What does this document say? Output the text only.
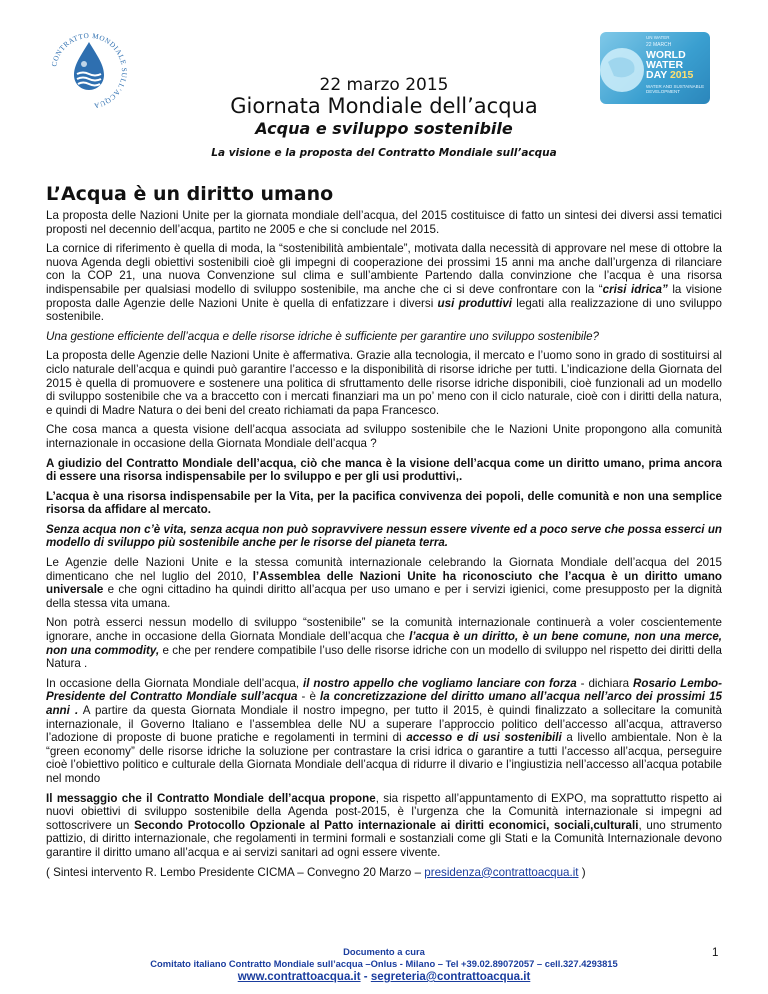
CONTRATTO MONDIALE SULL'ACQUA
UN WATER
22 MARCH
WORLD
WATER
DAY 2015
WATER AND SUSTAINABLE DEVELOPMENT
22 marzo 2015
Giornata Mondiale dell’acqua
Acqua e sviluppo sostenibile
La visione e la proposta del Contratto Mondiale sull’acqua
L’Acqua è un diritto umano

La proposta delle Nazioni Unite per la giornata mondiale dell’acqua, del 2015 costituisce di fatto un sintesi dei diversi assi tematici proposti nel decennio dell’acqua, partito ne 2005 e che si conclude nel 2015.

La cornice di riferimento è quella di moda, la “sostenibilità ambientale”, motivata dalla necessità di approvare nel mese di ottobre la nuova Agenda degli obiettivi sostenibili cioè gli impegni di cooperazione dei prossimi 15 anni ma anche dall’urgenza di rilanciare con la COP 21, una nuova Convenzione sul clima e sull’ambiente Partendo dalla convinzione che l’acqua è una risorsa indispensabile per qualsiasi modello di sviluppo sostenibile, ma anche che ci si deve confrontare con la “crisi idrica” la visione proposta dalle Agenzie delle Nazioni Unite è quella di enfatizzare i diversi usi produttivi legati alla realizzazione di uno sviluppo sostenibile.

Una gestione efficiente dell’acqua e delle risorse idriche è sufficiente per garantire uno sviluppo sostenibile?

La proposta delle Agenzie delle Nazioni Unite è affermativa. Grazie alla tecnologia, il mercato e l’uomo sono in grado di sostituirsi al ciclo naturale dell’acqua e quindi può garantire l’accesso e la disponibilità di risorse idriche per tutti. L’indicazione della Giornata del 2015 è quella di promuovere e sostenere una politica di sfruttamento delle risorse idriche disponibili, cioè funzionali ad un modello di sviluppo sostenibile che va a braccetto con i mercati finanziari ma un po’ meno con il ciclo naturale, cioè con i diritti della natura, e quindi di Madre Natura o dei beni del creato richiamati da papa Francesco.

Che cosa manca a questa visione dell’acqua associata ad sviluppo sostenibile che le Nazioni Unite propongono alla comunità internazionale in occasione della Giornata Mondiale dell’acqua ?

A giudizio del Contratto Mondiale dell’acqua, ciò che manca è la visione dell’acqua come un diritto umano, prima ancora di essere una risorsa indispensabile per lo sviluppo e per gli usi produttivi,.

L’acqua è una risorsa indispensabile per la Vita, per la pacifica convivenza dei popoli, delle comunità e non una semplice risorsa da affidare al mercato.

Senza acqua non c’è vita, senza acqua non può sopravvivere nessun essere vivente ed a poco serve che possa esserci un modello di sviluppo più sostenibile anche per le risorse del pianeta terra.

Le Agenzie delle Nazioni Unite e la stessa comunità internazionale celebrando la Giornata Mondiale dell’acqua del 2015 dimenticano che nel luglio del 2010, l’Assemblea delle Nazioni Unite ha riconosciuto che l’acqua è un diritto umano universale e che ogni cittadino ha quindi diritto all’acqua per uso umano e per i servizi igienici, come presupposto per la dignità della stessa vita umana.

Non potrà esserci nessun modello di sviluppo “sostenibile” se la comunità internazionale continuerà a voler coscientemente ignorare, anche in occasione della Giornata Mondiale dell’acqua che l’acqua è un diritto, è un bene comune, non una merce, non una commodity, e che per rendere compatibile l’uso delle risorse idriche con un modello di sviluppo nel rispetto dei diritti della Natura .

In occasione della Giornata Mondiale dell’acqua, il nostro appello che vogliamo lanciare con forza - dichiara Rosario Lembo- Presidente del Contratto Mondiale sull’acqua - è la concretizzazione del diritto umano all’acqua nell’arco dei prossimi 15 anni . A partire da questa Giornata Mondiale il nostro impegno, per tutto il 2015, è quindi finalizzato a sollecitare la comunità internazionale, il Governo Italiano e l’assemblea delle NU a superare l’approccio politico dell’accesso all’acqua, attraverso l’adozione di proposte di buone pratiche e regolamenti in termini di accesso e di usi sostenibili a livello ambientale. Non è la “green economy” delle risorse idriche la soluzione per contrastare la crisi idrica o garantire a tutti l’accesso all’acqua, perseguire cioè l’obiettivo politico e culturale della Giornata Mondiale dell’acqua di ridurre il divario e l’ingiustizia nell’accesso all’acqua potabile nel mondo

Il messaggio che il Contratto Mondiale dell’acqua propone, sia rispetto all’appuntamento di EXPO, ma soprattutto rispetto ai nuovi obiettivi di sviluppo sostenibile della Agenda post-2015, è l’urgenza che la Comunità internazionale si impegni ad sottoscrivere un Secondo Protocollo Opzionale al Patto internazionale ai diritti economici, sociali,culturali, uno strumento pattizio, di diritto internazionale, che regolamenti in termini formali e sostanziali come gli Stati e la Comunità Internazionale devono garantire il diritto umano all’acqua e ai servizi sanitari ad ogni essere vivente.

( Sintesi intervento R. Lembo Presidente CICMA – Convegno 20 Marzo – presidenza@contrattoacqua.it )

Documento a cura
Comitato italiano Contratto Mondiale sull’acqua –Onlus - Milano – Tel +39.02.89072057 – cell.327.4293815
www.contrattoacqua.it - segreteria@contrattoacqua.it
1
